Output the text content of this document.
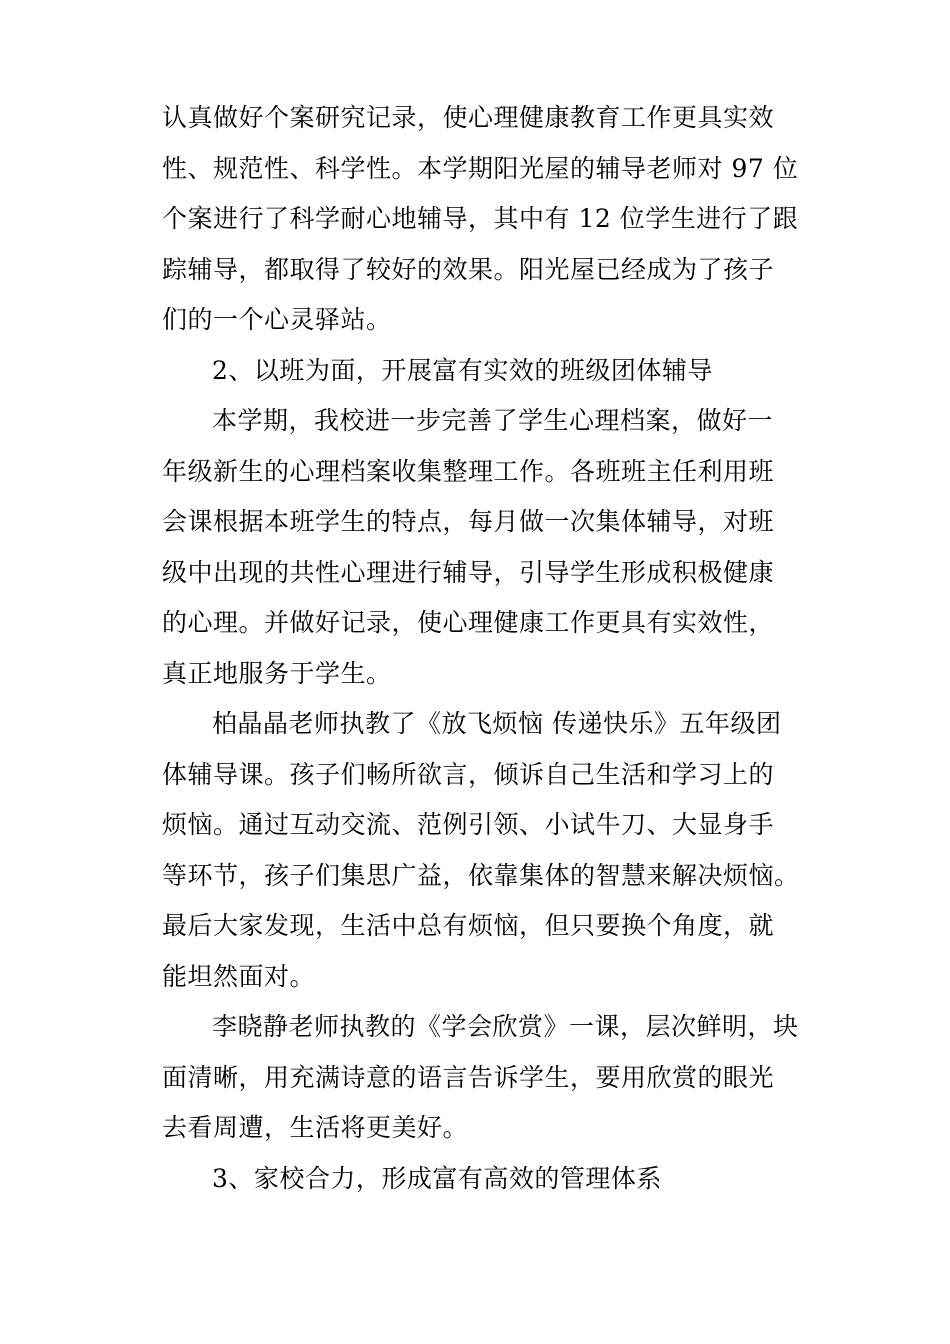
认真做好个案研究记录，使心理健康教育工作更具实效
性、规范性、科学性。本学期阳光屋的辅导老师对 97 位
个案进行了科学耐心地辅导，其中有 12 位学生进行了跟
踪辅导，都取得了较好的效果。阳光屋已经成为了孩子
们的一个心灵驿站。

2、以班为面，开展富有实效的班级团体辅导

本学期，我校进一步完善了学生心理档案，做好一
年级新生的心理档案收集整理工作。各班班主任利用班
会课根据本班学生的特点，每月做一次集体辅导，对班
级中出现的共性心理进行辅导，引导学生形成积极健康
的心理。并做好记录，使心理健康工作更具有实效性，
真正地服务于学生。

柏晶晶老师执教了《放飞烦恼 传递快乐》五年级团
体辅导课。孩子们畅所欲言，倾诉自己生活和学习上的
烦恼。通过互动交流、范例引领、小试牛刀、大显身手
等环节，孩子们集思广益，依靠集体的智慧来解决烦恼。
最后大家发现，生活中总有烦恼，但只要换个角度，就
能坦然面对。

李晓静老师执教的《学会欣赏》一课，层次鲜明，块
面清晰，用充满诗意的语言告诉学生，要用欣赏的眼光
去看周遭，生活将更美好。

3、家校合力，形成富有高效的管理体系
